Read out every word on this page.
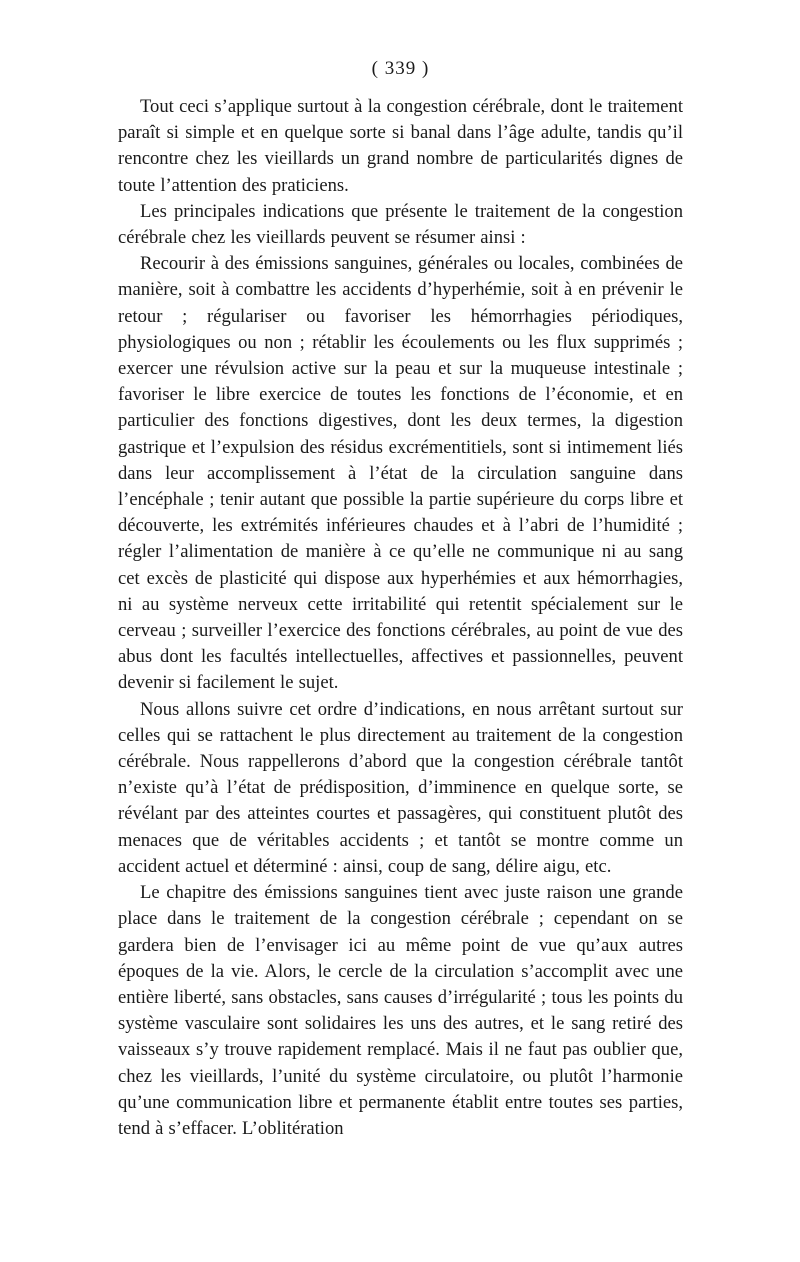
( 339 )

Tout ceci s’applique surtout à la congestion cérébrale, dont le traitement paraît si simple et en quelque sorte si banal dans l’âge adulte, tandis qu’il rencontre chez les vieillards un grand nombre de particularités dignes de toute l’attention des praticiens.

Les principales indications que présente le traitement de la congestion cérébrale chez les vieillards peuvent se résumer ainsi :

Recourir à des émissions sanguines, générales ou locales, combinées de manière, soit à combattre les accidents d’hyperhémie, soit à en prévenir le retour ; régulariser ou favoriser les hémorrhagies périodiques, physiologiques ou non ; rétablir les écoulements ou les flux supprimés ; exercer une révulsion active sur la peau et sur la muqueuse intestinale ; favoriser le libre exercice de toutes les fonctions de l’économie, et en particulier des fonctions digestives, dont les deux termes, la digestion gastrique et l’expulsion des résidus excrémentitiels, sont si intimement liés dans leur accomplissement à l’état de la circulation sanguine dans l’encéphale ; tenir autant que possible la partie supérieure du corps libre et découverte, les extrémités inférieures chaudes et à l’abri de l’humidité ; régler l’alimentation de manière à ce qu’elle ne communique ni au sang cet excès de plasticité qui dispose aux hyperhémies et aux hémorrhagies, ni au système nerveux cette irritabilité qui retentit spécialement sur le cerveau ; surveiller l’exercice des fonctions cérébrales, au point de vue des abus dont les facultés intellectuelles, affectives et passionnelles, peuvent devenir si facilement le sujet.

Nous allons suivre cet ordre d’indications, en nous arrêtant surtout sur celles qui se rattachent le plus directement au traitement de la congestion cérébrale. Nous rappellerons d’abord que la congestion cérébrale tantôt n’existe qu’à l’état de prédisposition, d’imminence en quelque sorte, se révélant par des atteintes courtes et passagères, qui constituent plutôt des menaces que de véritables accidents ; et tantôt se montre comme un accident actuel et déterminé : ainsi, coup de sang, délire aigu, etc.

Le chapitre des émissions sanguines tient avec juste raison une grande place dans le traitement de la congestion cérébrale ; cependant on se gardera bien de l’envisager ici au même point de vue qu’aux autres époques de la vie. Alors, le cercle de la circulation s’accomplit avec une entière liberté, sans obstacles, sans causes d’irrégularité ; tous les points du système vasculaire sont solidaires les uns des autres, et le sang retiré des vaisseaux s’y trouve rapidement remplacé. Mais il ne faut pas oublier que, chez les vieillards, l’unité du système circulatoire, ou plutôt l’harmonie qu’une communication libre et permanente établit entre toutes ses parties, tend à s’effacer. L’oblitération
